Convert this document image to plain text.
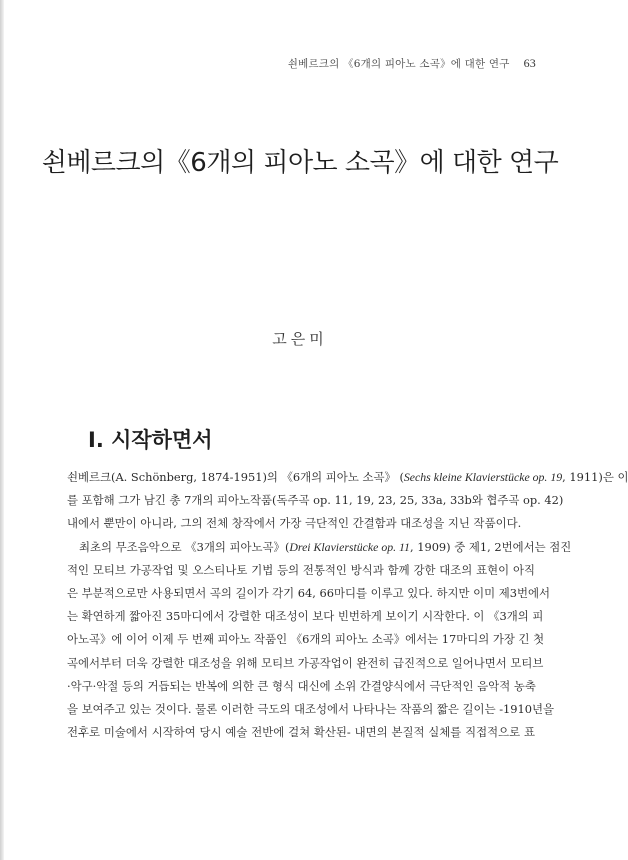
쇤베르크의 《6개의 피아노 소곡》에 대한 연구 63
쇤베르크의《6개의 피아노 소곡》에 대한 연구
고은미
I. 시작하면서
쇤베르크(A. Schönberg, 1874-1951)의 《6개의 피아노 소곡》 (Sechs kleine Klavierstücke op. 19, 1911)은 이
를 포함해 그가 남긴 총 7개의 피아노작품(독주곡 op. 11, 19, 23, 25, 33a, 33b와 협주곡 op. 42)
내에서 뿐만이 아니라, 그의 전체 창작에서 가장 극단적인 간결함과 대조성을 지닌 작품이다.
최초의 무조음악으로 《3개의 피아노곡》(Drei Klavierstücke op. 11, 1909) 중 제1, 2번에서는 점진
적인 모티브 가공작업 및 오스티나토 기법 등의 전통적인 방식과 함께 강한 대조의 표현이 아직
은 부분적으로만 사용되면서 곡의 길이가 각기 64, 66마디를 이루고 있다. 하지만 이미 제3번에서
는 확연하게 짧아진 35마디에서 강렬한 대조성이 보다 빈번하게 보이기 시작한다. 이 《3개의 피
아노곡》에 이어 이제 두 번째 피아노 작품인 《6개의 피아노 소곡》에서는 17마디의 가장 긴 첫
곡에서부터 더욱 강렬한 대조성을 위해 모티브 가공작업이 완전히 급진적으로 일어나면서 모티브
·악구·악절 등의 거듭되는 반복에 의한 큰 형식 대신에 소위 간결양식에서 극단적인 음악적 농축
을 보여주고 있는 것이다. 물론 이러한 극도의 대조성에서 나타나는 작품의 짧은 길이는 -1910년을
전후로 미술에서 시작하여 당시 예술 전반에 걸쳐 확산된- 내면의 본질적 실체를 직접적으로 표
